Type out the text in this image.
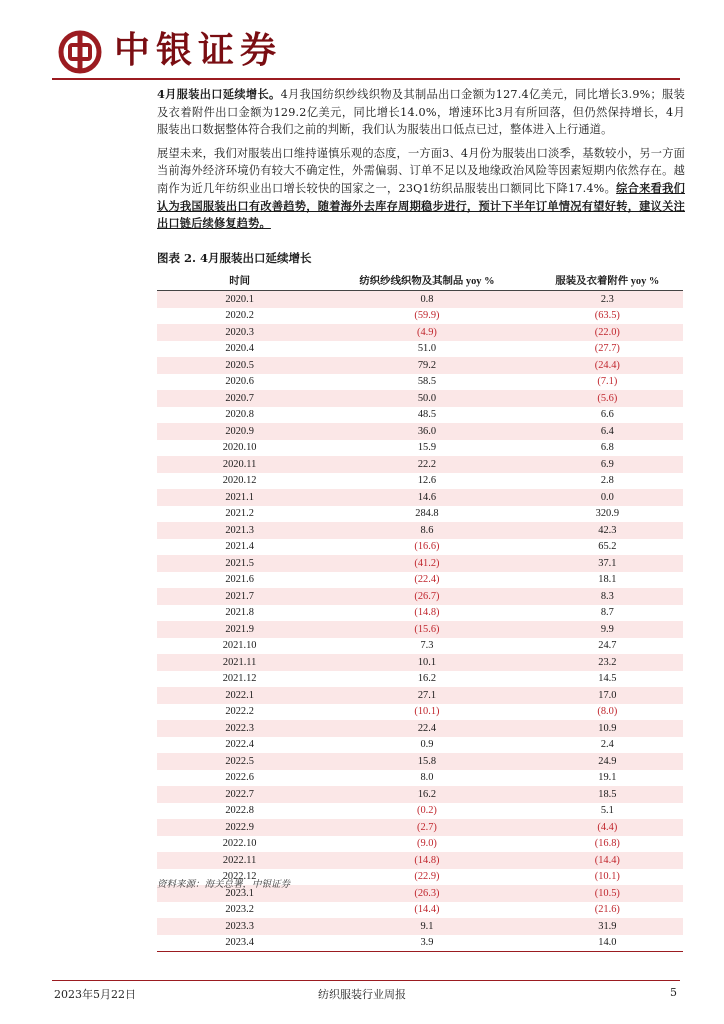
中银证券

4月服装出口延续增长。4月我国纺织纱线织物及其制品出口金额为127.4亿美元，同比增长3.9%；服装及衣着附件出口金额为129.2亿美元，同比增长14.0%，增速环比3月有所回落，但仍然保持增长，4月服装出口数据整体符合我们之前的判断，我们认为服装出口低点已过，整体进入上行通道。

展望未来，我们对服装出口维持谨慎乐观的态度，一方面3、4月份为服装出口淡季，基数较小，另一方面当前海外经济环境仍有较大不确定性，外需偏弱、订单不足以及地缘政治风险等因素短期内依然存在。越南作为近几年纺织业出口增长较快的国家之一，23Q1纺织品服装出口额同比下降17.4%。综合来看我们认为我国服装出口有改善趋势，随着海外去库存周期稳步进行，预计下半年订单情况有望好转，建议关注出口链后续修复趋势。

图表 2. 4月服装出口延续增长
时间	纺织纱线织物及其制品 yoy %	服装及衣着附件 yoy %
2020.1	0.8	2.3
2020.2	(59.9)	(63.5)
2020.3	(4.9)	(22.0)
2020.4	51.0	(27.7)
2020.5	79.2	(24.4)
2020.6	58.5	(7.1)
2020.7	50.0	(5.6)
2020.8	48.5	6.6
2020.9	36.0	6.4
2020.10	15.9	6.8
2020.11	22.2	6.9
2020.12	12.6	2.8
2021.1	14.6	0.0
2021.2	284.8	320.9
2021.3	8.6	42.3
2021.4	(16.6)	65.2
2021.5	(41.2)	37.1
2021.6	(22.4)	18.1
2021.7	(26.7)	8.3
2021.8	(14.8)	8.7
2021.9	(15.6)	9.9
2021.10	7.3	24.7
2021.11	10.1	23.2
2021.12	16.2	14.5
2022.1	27.1	17.0
2022.2	(10.1)	(8.0)
2022.3	22.4	10.9
2022.4	0.9	2.4
2022.5	15.8	24.9
2022.6	8.0	19.1
2022.7	16.2	18.5
2022.8	(0.2)	5.1
2022.9	(2.7)	(4.4)
2022.10	(9.0)	(16.8)
2022.11	(14.8)	(14.4)
2022.12	(22.9)	(10.1)
2023.1	(26.3)	(10.5)
2023.2	(14.4)	(21.6)
2023.3	9.1	31.9
2023.4	3.9	14.0
资料来源：海关总署，中银证券
2023年5月22日	纺织服装行业周报	5
